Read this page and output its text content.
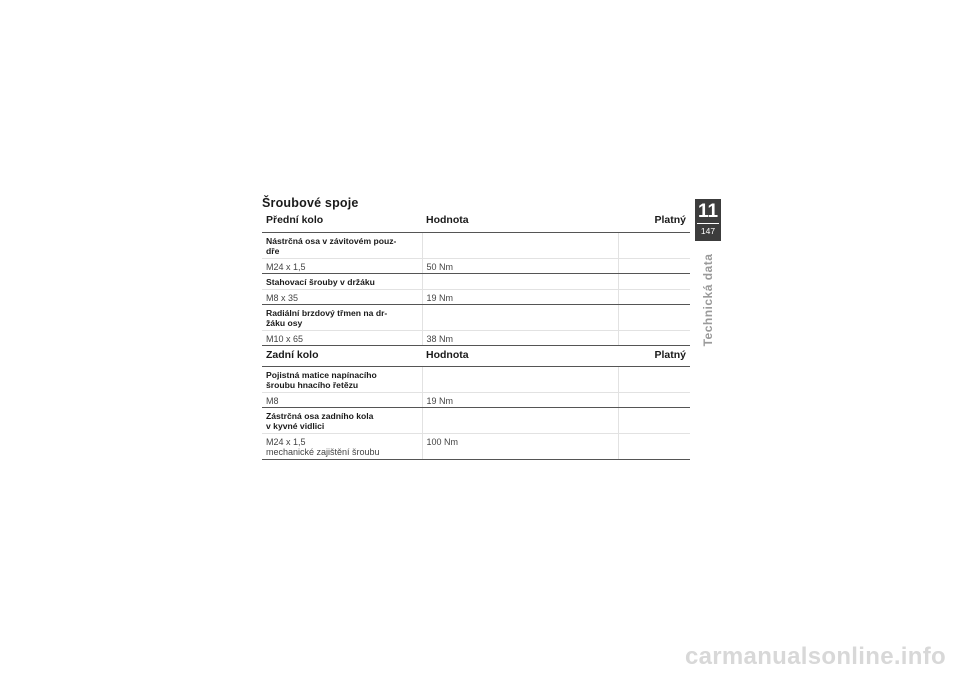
Šroubové spoje
Přední kolo	Hodnota	Platný
Nástrčná osa v závitovém pouz-
dře		
M24 x 1,5	50 Nm	
Stahovací šrouby v držáku		
M8 x 35	19 Nm	
Radiální brzdový třmen na dr-
žáku osy		
M10 x 65	38 Nm	
Zadní kolo	Hodnota	Platný
Pojistná matice napínacího
šroubu hnacího řetězu		
M8	19 Nm	
Zástrčná osa zadního kola
v kyvné vidlici		

M24 x 1,5
mechanické zajištění šroubu	100 Nm	
11
147
Technická data
carmanualsonline.info
